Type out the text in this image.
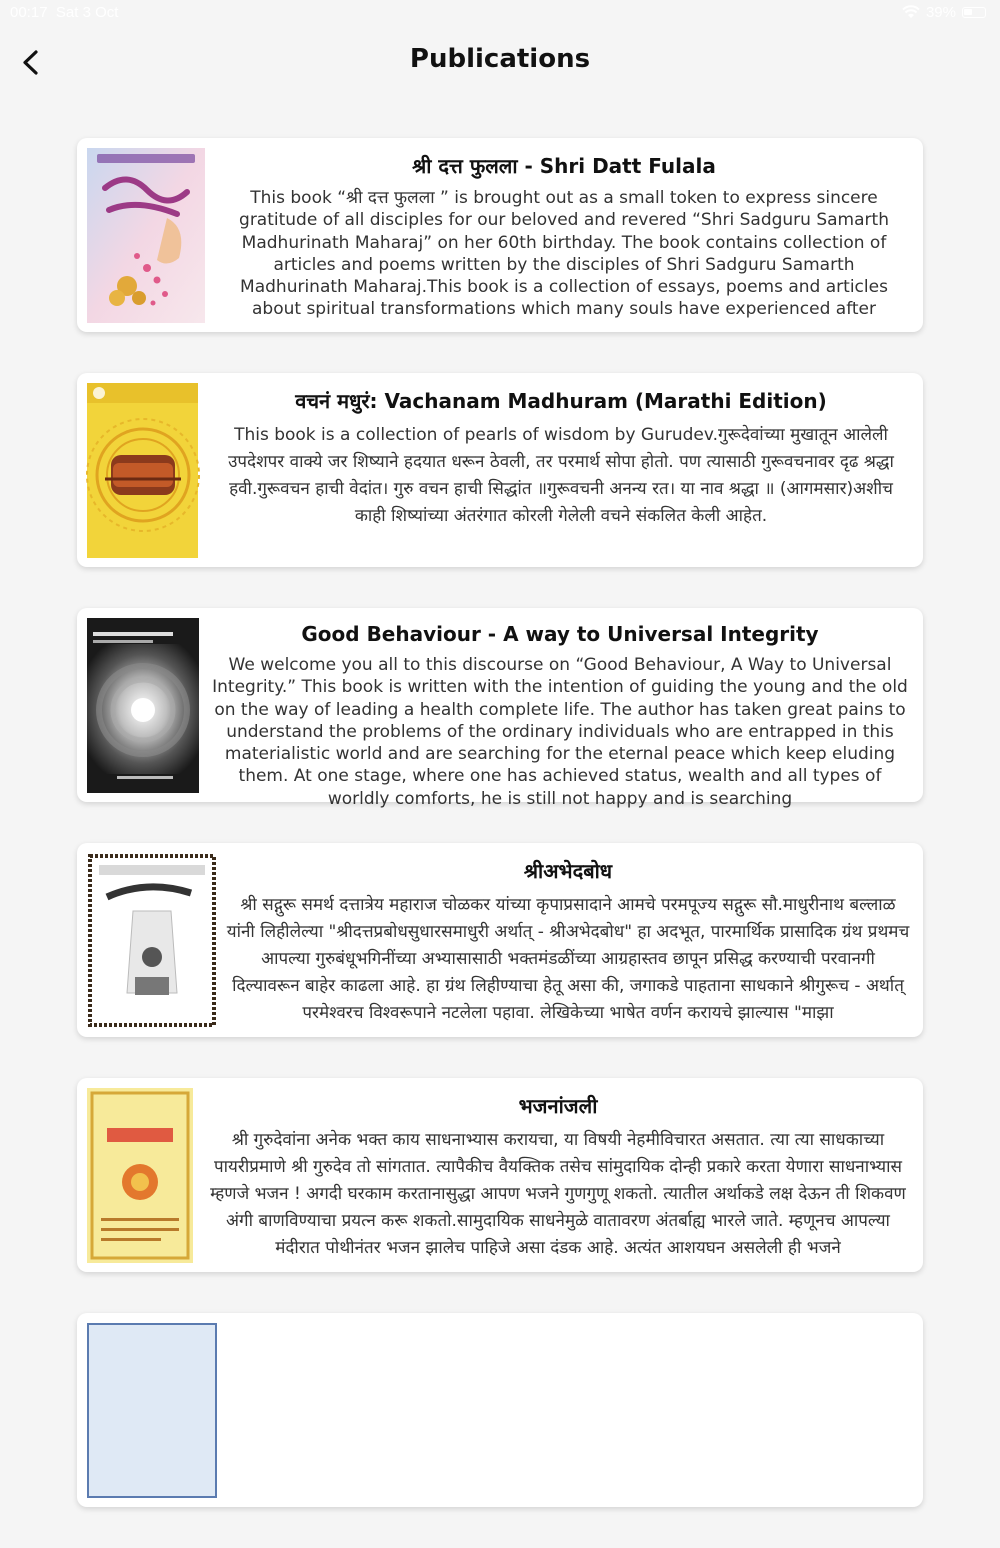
00:17 Sat 3 Oct	39%
Publications
श्री दत्त फुलला - Shri Datt Fulala

This book “श्री दत्त फुलला ” is brought out as a small token to express sincere gratitude of all disciples for our beloved and revered “Shri Sadguru Samarth Madhurinath Maharaj” on her 60th birthday. The book contains collection of articles and poems written by the disciples of Shri Sadguru Samarth Madhurinath Maharaj.This book is a collection of essays, poems and articles about spiritual transformations which many souls have experienced after

वचनं मधुरं: Vachanam Madhuram (Marathi Edition)

This book is a collection of pearls of wisdom by Gurudev.गुरूदेवांच्या मुखातून आलेली उपदेशपर वाक्ये जर शिष्याने हदयात धरून ठेवली, तर परमार्थ सोपा होतो. पण त्यासाठी गुरूवचनावर दृढ श्रद्धा हवी.गुरूवचन हाची वेदांत। गुरु वचन हाची सिद्धांत ॥गुरूवचनी अनन्य रत। या नाव श्रद्धा ॥ (आगमसार)अशीच काही शिष्यांच्या अंतरंगात कोरली गेलेली वचने संकलित केली आहेत.

Good Behaviour - A way to Universal Integrity

We welcome you all to this discourse on “Good Behaviour, A Way to Universal Integrity.” This book is written with the intention of guiding the young and the old on the way of leading a health complete life. The author has taken great pains to understand the problems of the ordinary individuals who are entrapped in this materialistic world and are searching for the eternal peace which keep eluding them. At one stage, where one has achieved status, wealth and all types of worldly comforts, he is still not happy and is searching

श्रीअभेदबोध

श्री सद्गुरू समर्थ दत्तात्रेय महाराज चोळकर यांच्या कृपाप्रसादाने आमचे परमपूज्य सद्गुरू सौ.माधुरीनाथ बल्लाळ यांनी लिहीलेल्या "श्रीदत्तप्रबोधसुधारसमाधुरी अर्थात् - श्रीअभेदबोध" हा अदभूत, पारमार्थिक प्रासादिक ग्रंथ प्रथमच आपल्या गुरुबंधूभगिनींच्या अभ्यासासाठी भक्तमंडळींच्या आग्रहास्तव छापून प्रसिद्ध करण्याची परवानगी दिल्यावरून बाहेर काढला आहे. हा ग्रंथ लिहीण्याचा हेतू असा की, जगाकडे पाहताना साधकाने श्रीगुरूच - अर्थात् परमेश्वरच विश्वरूपाने नटलेला पहावा. लेखिकेच्या भाषेत वर्णन करायचे झाल्यास "माझा

भजनांजली

श्री गुरुदेवांना अनेक भक्त काय साधनाभ्यास करायचा, या विषयी नेहमीविचारत असतात. त्या त्या साधकाच्या पायरीप्रमाणे श्री गुरुदेव तो सांगतात. त्यापैकीच वैयक्तिक तसेच सांमुदायिक दोन्ही प्रकारे करता येणारा साधनाभ्यास म्हणजे भजन ! अगदी घरकाम करतानासुद्धा आपण भजने गुणगुणू शकतो. त्यातील अर्थाकडे लक्ष देऊन ती शिकवण अंगी बाणविण्याचा प्रयत्न करू शकतो.सामुदायिक साधनेमुळे वातावरण अंतर्बाह्य भारले जाते. म्हणूनच आपल्या मंदीरात पोथीनंतर भजन झालेच पाहिजे असा दंडक आहे. अत्यंत आशयघन असलेली ही भजने
